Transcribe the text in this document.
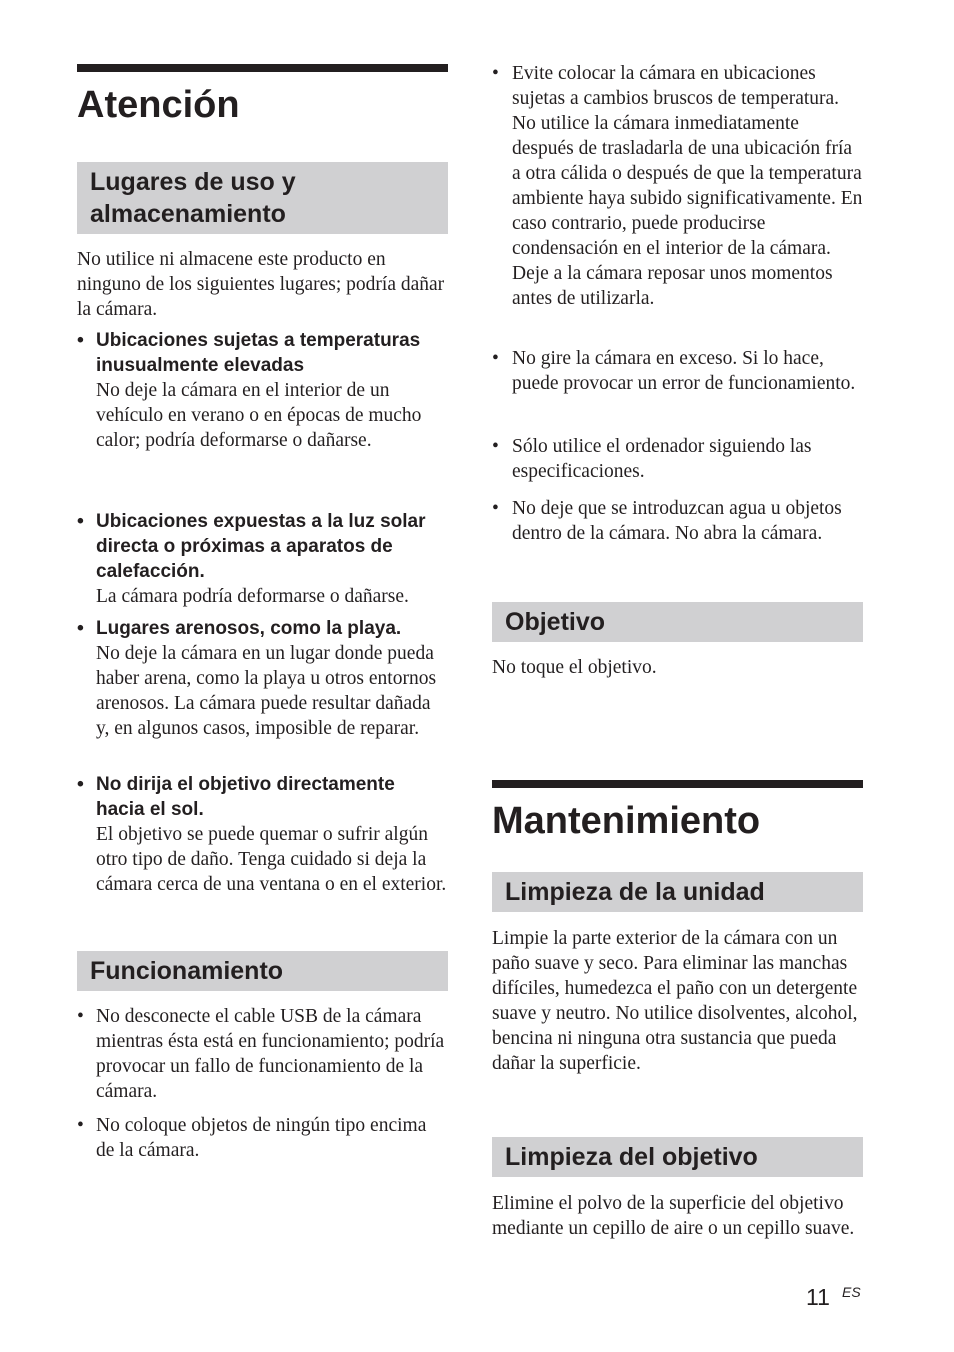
Atención
Lugares de uso y almacenamiento

No utilice ni almacene este producto en ninguno de los siguientes lugares; podría dañar la cámara.

• Ubicaciones sujetas a temperaturas inusualmente elevadas
No deje la cámara en el interior de un vehículo en verano o en épocas de mucho calor; podría deformarse o dañarse.
• Ubicaciones expuestas a la luz solar directa o próximas a aparatos de calefacción.
La cámara podría deformarse o dañarse.
• Lugares arenosos, como la playa.
No deje la cámara en un lugar donde pueda haber arena, como la playa u otros entornos arenosos. La cámara puede resultar dañada y, en algunos casos, imposible de reparar.
• No dirija el objetivo directamente hacia el sol.
El objetivo se puede quemar o sufrir algún otro tipo de daño. Tenga cuidado si deja la cámara cerca de una ventana o en el exterior.
Funcionamiento
• No desconecte el cable USB de la cámara mientras ésta está en funcionamiento; podría provocar un fallo de funcionamiento de la cámara.
• No coloque objetos de ningún tipo encima de la cámara.
• Evite colocar la cámara en ubicaciones sujetas a cambios bruscos de temperatura. No utilice la cámara inmediatamente después de trasladarla de una ubicación fría a otra cálida o después de que la temperatura ambiente haya subido significativamente. En caso contrario, puede producirse condensación en el interior de la cámara. Deje a la cámara reposar unos momentos antes de utilizarla.
• No gire la cámara en exceso. Si lo hace, puede provocar un error de funcionamiento.
• Sólo utilice el ordenador siguiendo las especificaciones.
• No deje que se introduzcan agua u objetos dentro de la cámara. No abra la cámara.
Objetivo

No toque el objetivo.

Mantenimiento
Limpieza de la unidad

Limpie la parte exterior de la cámara con un paño suave y seco. Para eliminar las manchas difíciles, humedezca el paño con un detergente suave y neutro. No utilice disolventes, alcohol, bencina ni ninguna otra sustancia que pueda dañar la superficie.

Limpieza del objetivo

Elimine el polvo de la superficie del objetivo mediante un cepillo de aire o un cepillo suave.

11 ES
